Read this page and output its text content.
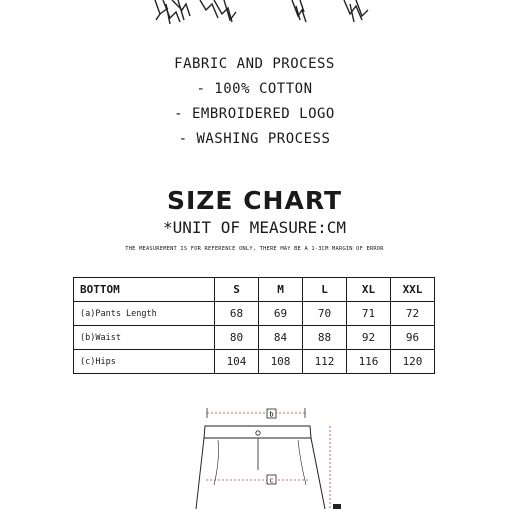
FABRIC AND PROCESS
- 100% COTTON
- EMBROIDERED LOGO
- WASHING PROCESS
SIZE CHART
*UNIT OF MEASURE:CM
THE MEASUREMENT IS FOR REFERENCE ONLY, THERE MAY BE A 1-3CM MARGIN OF ERROR
BOTTOM	S	M	L	XL	XXL
(a)Pants Length	68	69	70	71	72
(b)Waist	80	84	88	92	96
(c)Hips	104	108	112	116	120
b
c
